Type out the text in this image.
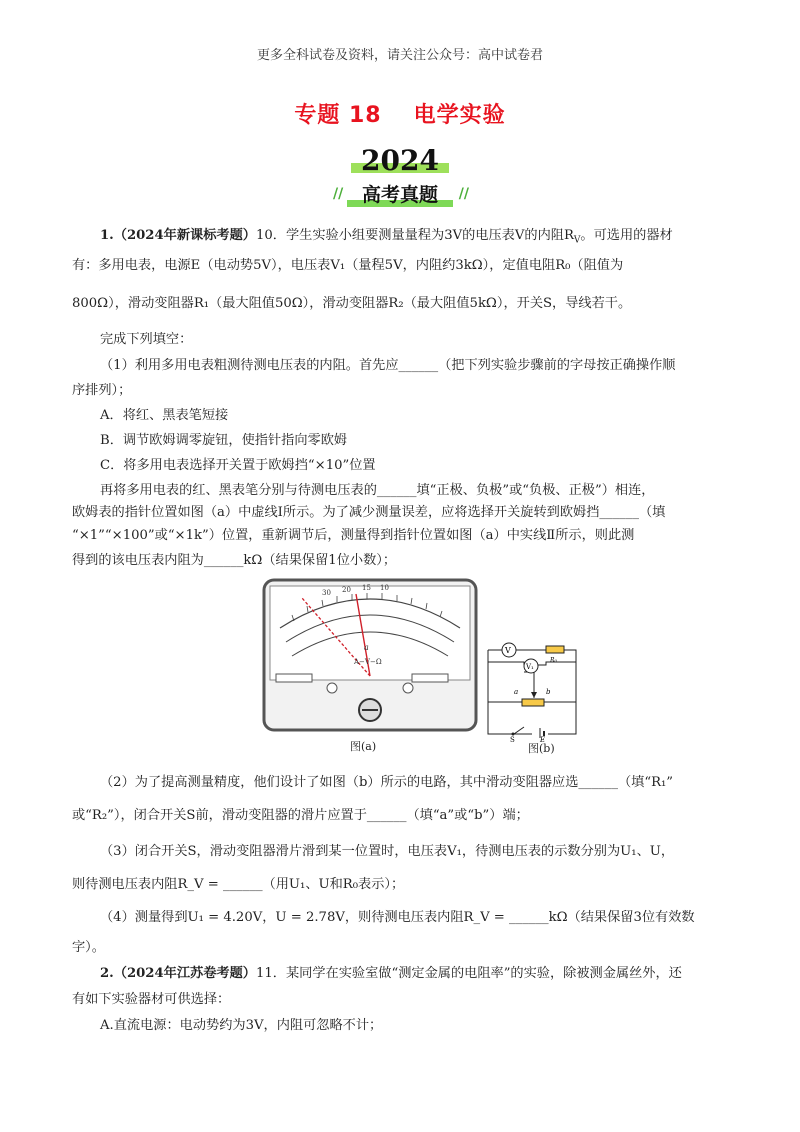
更多全科试卷及资料，请关注公众号：高中试卷君
专题 18 电学实验
2024
// 高考真题	//
1.（2024年新课标考题）10．学生实验小组要测量量程为3V的电压表V的内阻$R_V$。可选用的器材
有：多用电表，电源E（电动势5V），电压表V₁（量程5V，内阻约3kΩ），定值电阻R₀（阻值为
800Ω），滑动变阻器R₁（最大阻值50Ω），滑动变阻器R₂（最大阻值5kΩ），开关S，导线若干。
完成下列填空：
（1）利用多用电表粗测待测电压表的内阻。首先应______（把下列实验步骤前的字母按正确操作顺
序排列）；
A．将红、黑表笔短接
B．调节欧姆调零旋钮，使指针指向零欧姆
C．将多用电表选择开关置于欧姆挡“×10”位置
再将多用电表的红、黑表笔分别与待测电压表的______填“正极、负极”或“负极、正极”）相连，
欧姆表的指针位置如图（a）中虚线Ⅰ所示。为了减少测量误差，应将选择开关旋转到欧姆挡______（填
“×1”“×100”或“×1k”）位置，重新调节后，测量得到指针位置如图（a）中实线Ⅱ所示，则此测
得到的该电压表内阻为______kΩ（结果保留1位小数）；
30 20 15 10
a
A−V−Ω
图(a)
V
V₁
R₀
a	b
S	E
图(b)
（2）为了提高测量精度，他们设计了如图（b）所示的电路，其中滑动变阻器应选______（填“R₁”
或“R₂”），闭合开关S前，滑动变阻器的滑片应置于______（填“a”或“b”）端；
（3）闭合开关S，滑动变阻器滑片滑到某一位置时，电压表V₁，待测电压表的示数分别为U₁、U，
则待测电压表内阻R_V = ______（用U₁、U和R₀表示）；
（4）测量得到U₁ = 4.20V，U = 2.78V，则待测电压表内阻R_V = ______kΩ（结果保留3位有效数
字）。
2.（2024年江苏卷考题）11．某同学在实验室做“测定金属的电阻率”的实验，除被测金属丝外，还
有如下实验器材可供选择：
A.直流电源：电动势约为3V，内阻可忽略不计；
